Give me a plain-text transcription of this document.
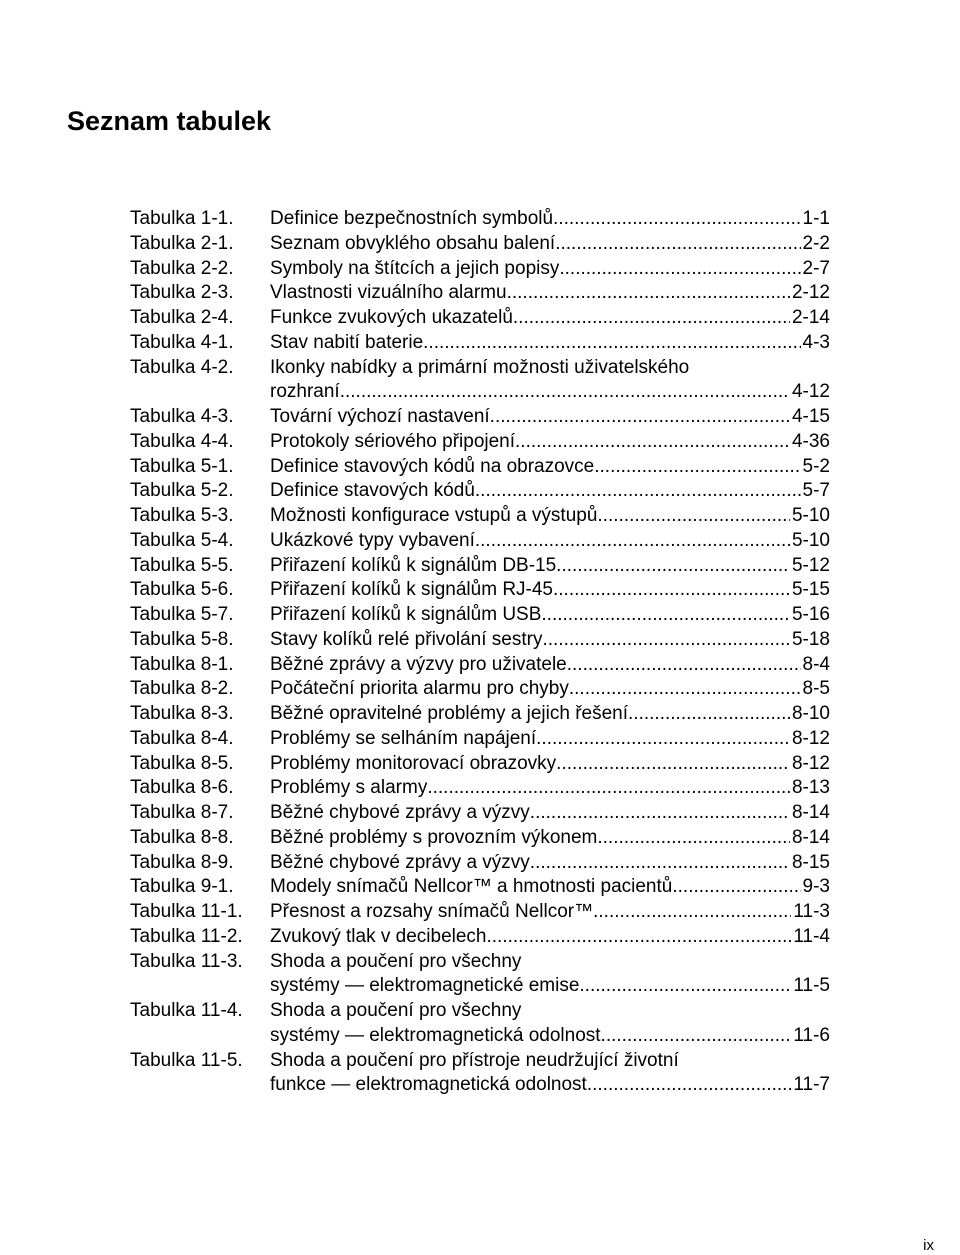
Seznam tabulek
Tabulka 1-1.	Definice bezpečnostních symbolů .....	1-1
Tabulka 2-1.	Seznam obvyklého obsahu balení .....	2-2
Tabulka 2-2.	Symboly na štítcích a jejich popisy .....	2-7
Tabulka 2-3.	Vlastnosti vizuálního alarmu .....	2-12
Tabulka 2-4.	Funkce zvukových ukazatelů .....	2-14
Tabulka 4-1.	Stav nabití baterie .....	4-3
Tabulka 4-2.	Ikonky nabídky a primární možnosti uživatelského
rozhraní .....	4-12
Tabulka 4-3.	Tovární výchozí nastavení .....	4-15
Tabulka 4-4.	Protokoly sériového připojení .....	4-36
Tabulka 5-1.	Definice stavových kódů na obrazovce .....	5-2
Tabulka 5-2.	Definice stavových kódů .....	5-7
Tabulka 5-3.	Možnosti konfigurace vstupů a výstupů .....	5-10
Tabulka 5-4.	Ukázkové typy vybavení .....	5-10
Tabulka 5-5.	Přiřazení kolíků k signálům DB-15 .....	5-12
Tabulka 5-6.	Přiřazení kolíků k signálům RJ-45 .....	5-15
Tabulka 5-7.	Přiřazení kolíků k signálům USB .....	5-16
Tabulka 5-8.	Stavy kolíků relé přivolání sestry .....	5-18
Tabulka 8-1.	Běžné zprávy a výzvy pro uživatele .....	8-4
Tabulka 8-2.	Počáteční priorita alarmu pro chyby .....	8-5
Tabulka 8-3.	Běžné opravitelné problémy a jejich řešení .....	8-10
Tabulka 8-4.	Problémy se selháním napájení .....	8-12
Tabulka 8-5.	Problémy monitorovací obrazovky .....	8-12
Tabulka 8-6.	Problémy s alarmy .....	8-13
Tabulka 8-7.	Běžné chybové zprávy a výzvy .....	8-14
Tabulka 8-8.	Běžné problémy s provozním výkonem .....	8-14
Tabulka 8-9.	Běžné chybové zprávy a výzvy .....	8-15
Tabulka 9-1.	Modely snímačů Nellcor™ a hmotnosti pacientů .....	9-3
Tabulka 11-1.	Přesnost a rozsahy snímačů Nellcor™ .....	11-3
Tabulka 11-2.	Zvukový tlak v decibelech .....	11-4
Tabulka 11-3.	Shoda a poučení pro všechny
systémy — elektromagnetické emise .....	11-5
Tabulka 11-4.	Shoda a poučení pro všechny
systémy — elektromagnetická odolnost .....	11-6
Tabulka 11-5.	Shoda a poučení pro přístroje neudržující životní
funkce — elektromagnetická odolnost .....	11-7
ix
